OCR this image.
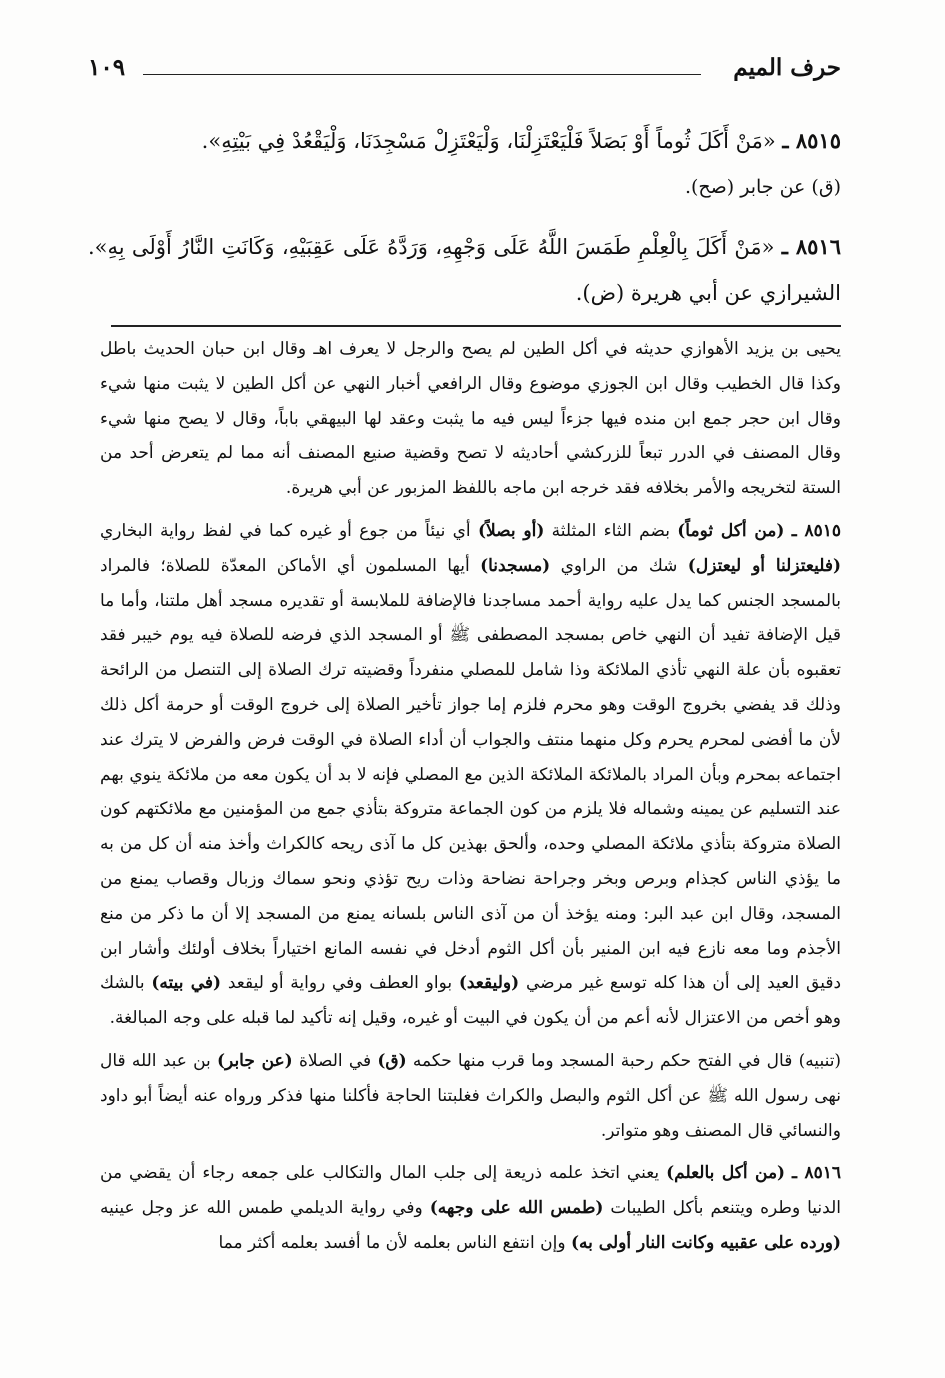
حرف الميم
١٠٩

٨٥١٥ ـ «مَنْ أَكَلَ ثُوماً أَوْ بَصَلاً فَلْيَعْتَزِلْنَا، وَلْيَعْتَزِلْ مَسْجِدَنَا، وَلْيَقْعُدْ فِي بَيْتِهِ».
(ق) عن جابر (صح).

٨٥١٦ ـ «مَنْ أَكَلَ بِالْعِلْمِ طَمَسَ اللَّهُ عَلَى وَجْهِهِ، وَرَدَّهُ عَلَى عَقِبَيْهِ، وَكَانَتِ النَّارُ أَوْلَى بِهِ». الشيرازي عن أبي هريرة (ض).

يحيى بن يزيد الأهوازي حديثه في أكل الطين لم يصح والرجل لا يعرف اهـ وقال ابن حبان الحديث باطل وكذا قال الخطيب وقال ابن الجوزي موضوع وقال الرافعي أخبار النهي عن أكل الطين لا يثبت منها شيء وقال ابن حجر جمع ابن منده فيها جزءاً ليس فيه ما يثبت وعقد لها البيهقي باباً، وقال لا يصح منها شيء وقال المصنف في الدرر تبعاً للزركشي أحاديثه لا تصح وقضية صنيع المصنف أنه مما لم يتعرض أحد من الستة لتخريجه والأمر بخلافه فقد خرجه ابن ماجه باللفظ المزبور عن أبي هريرة.

٨٥١٥ ـ (من أكل ثوماً) بضم الثاء المثلثة (أو بصلاً) أي نيئاً من جوع أو غيره كما في لفظ رواية البخاري (فليعتزلنا أو ليعتزل) شك من الراوي (مسجدنا) أيها المسلمون أي الأماكن المعدّة للصلاة؛ فالمراد بالمسجد الجنس كما يدل عليه رواية أحمد مساجدنا فالإضافة للملابسة أو تقديره مسجد أهل ملتنا، وأما ما قيل الإضافة تفيد أن النهي خاص بمسجد المصطفى ﷺ أو المسجد الذي فرضه للصلاة فيه يوم خيبر فقد تعقبوه بأن علة النهي تأذي الملائكة وذا شامل للمصلي منفرداً وقضيته ترك الصلاة إلى التنصل من الرائحة وذلك قد يفضي بخروج الوقت وهو محرم فلزم إما جواز تأخير الصلاة إلى خروج الوقت أو حرمة أكل ذلك لأن ما أفضى لمحرم يحرم وكل منهما منتف والجواب أن أداء الصلاة في الوقت فرض والفرض لا يترك عند اجتماعه بمحرم وبأن المراد بالملائكة الملائكة الذين مع المصلي فإنه لا بد أن يكون معه من ملائكة ينوي بهم عند التسليم عن يمينه وشماله فلا يلزم من كون الجماعة متروكة بتأذي جمع من المؤمنين مع ملائكتهم كون الصلاة متروكة بتأذي ملائكة المصلي وحده، وألحق بهذين كل ما آذى ريحه كالكراث وأخذ منه أن كل من به ما يؤذي الناس كجذام وبرص وبخر وجراحة نضاحة وذات ريح تؤذي ونحو سماك وزبال وقصاب يمنع من المسجد، وقال ابن عبد البر: ومنه يؤخذ أن من آذى الناس بلسانه يمنع من المسجد إلا أن ما ذكر من منع الأجذم وما معه نازع فيه ابن المنير بأن أكل الثوم أدخل في نفسه المانع اختياراً بخلاف أولئك وأشار ابن دقيق العيد إلى أن هذا كله توسع غير مرضي (وليقعد) بواو العطف وفي رواية أو ليقعد (في بيته) بالشك وهو أخص من الاعتزال لأنه أعم من أن يكون في البيت أو غيره، وقيل إنه تأكيد لما قبله على وجه المبالغة.

(تنبيه) قال في الفتح حكم رحبة المسجد وما قرب منها حكمه (ق) في الصلاة (عن جابر) بن عبد الله قال نهى رسول الله ﷺ عن أكل الثوم والبصل والكراث فغلبتنا الحاجة فأكلنا منها فذكر ورواه عنه أيضاً أبو داود والنسائي قال المصنف وهو متواتر.

٨٥١٦ ـ (من أكل بالعلم) يعني اتخذ علمه ذريعة إلى جلب المال والتكالب على جمعه رجاء أن يقضي من الدنيا وطره ويتنعم بأكل الطيبات (طمس الله على وجهه) وفي رواية الديلمي طمس الله عز وجل عينيه (ورده على عقبيه وكانت النار أولى به) وإن انتفع الناس بعلمه لأن ما أفسد بعلمه أكثر مما
